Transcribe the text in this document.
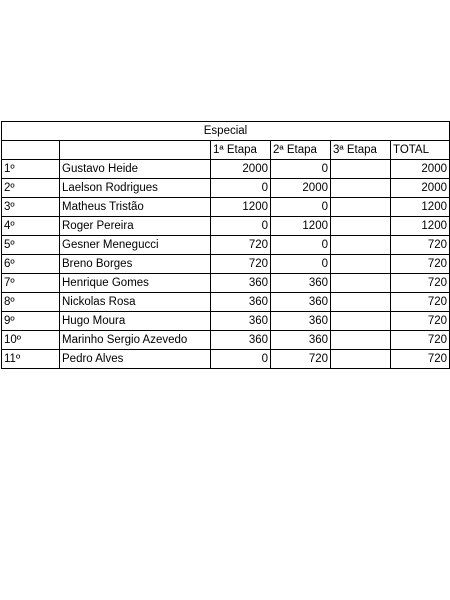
Especial					
		1ª Etapa	2ª Etapa	3ª Etapa	TOTAL
1º	Gustavo Heide	2000	0		2000
2º	Laelson Rodrigues	0	2000		2000
3º	Matheus Tristão	1200	0		1200
4º	Roger Pereira	0	1200		1200
5º	Gesner Menegucci	720	0		720
6º	Breno Borges	720	0		720
7º	Henrique Gomes	360	360		720
8º	Nickolas Rosa	360	360		720
9º	Hugo Moura	360	360		720
10º	Marinho Sergio Azevedo	360	360		720
11º	Pedro Alves	0	720		720
